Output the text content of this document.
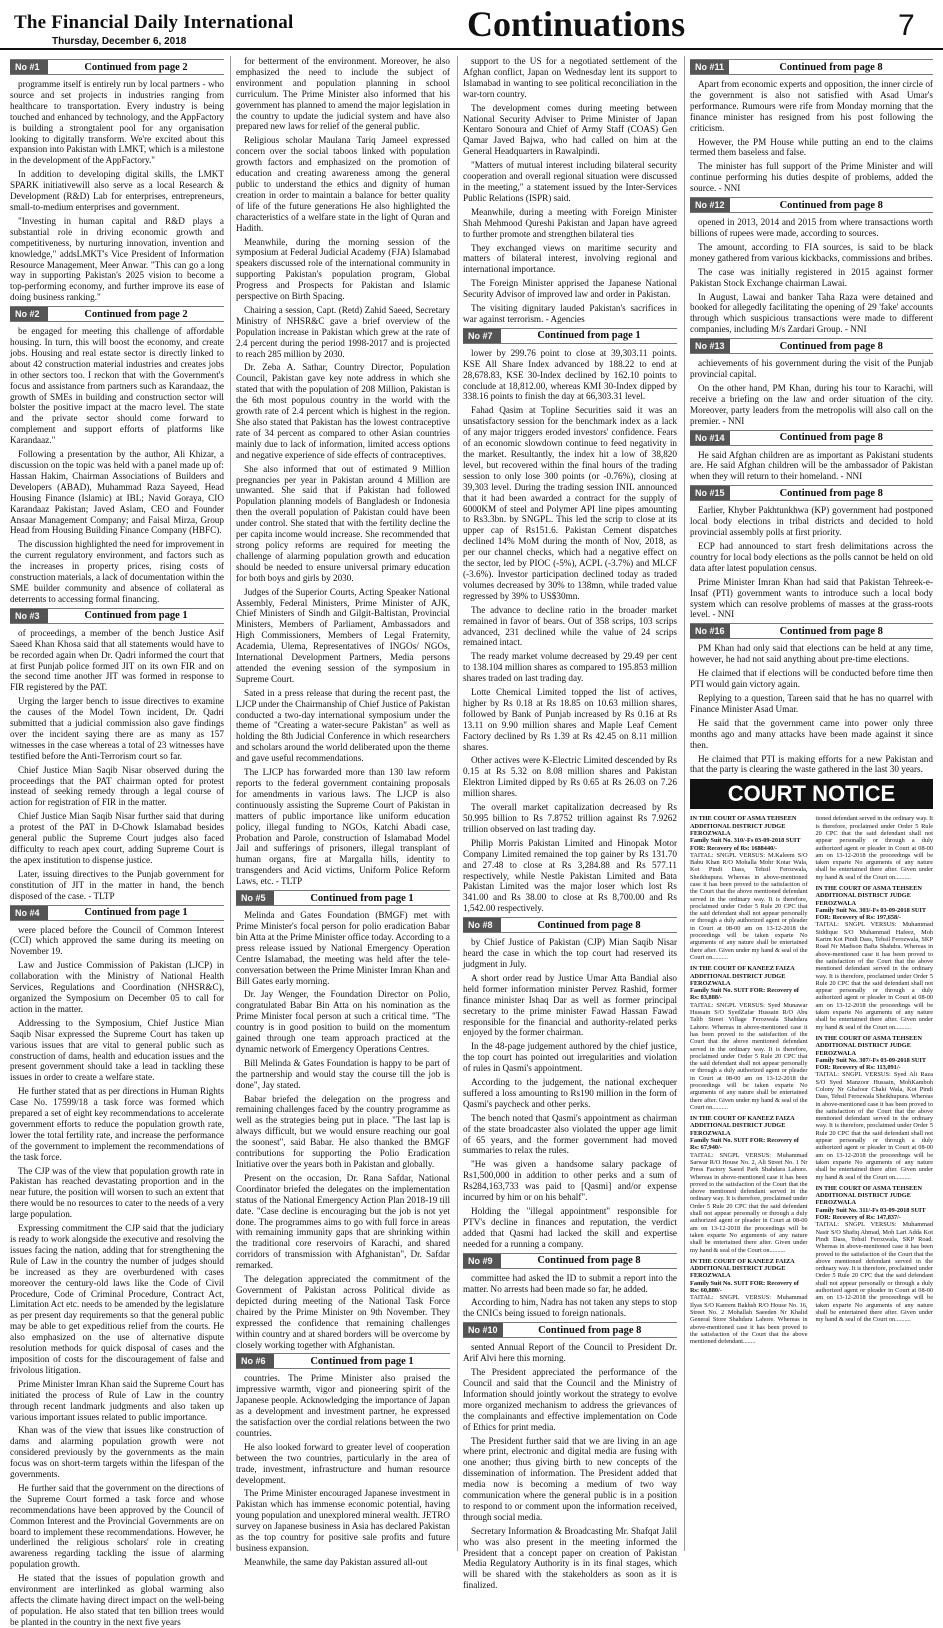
The Financial Daily International
Thursday, December 6, 2018	Continuations	7
No #1	Continued from page 2

programme itself is entirely run by local partners - who source and set projects in industries ranging from healthcare to transportation. Every industry is being touched and enhanced by technology, and the AppFactory is building a strongtalent pool for any organisation looking to digitally transform. We're excited about this expansion into Pakistan with LMKT, which is a milestone in the development of the AppFactory."

In addition to developing digital skills, the LMKT SPARK initiativewill also serve as a local Research & Development (R&D) Lab for enterprises, entrepreneurs, small-to-medium enterprises and government.

"Investing in human capital and R&D plays a substantial role in driving economic growth and competitiveness, by nurturing innovation, invention and knowledge," addsLMKT's Vice President of Information Resource Management, Meer Anwar. "This can go a long way in supporting Pakistan's 2025 vision to become a top-performing economy, and further improve its ease of doing business ranking."

No #2	Continued from page 2

be engaged for meeting this challenge of affordable housing. In turn, this will boost the economy, and create jobs. Housing and real estate sector is directly linked to about 42 construction material industries and creates jobs in other sectors too. I reckon that with the Government's focus and assistance from partners such as Karandaaz, the growth of SMEs in building and construction sector will bolster the positive impact at the macro level. The state and the private sector should come forward to complement and support efforts of platforms like Karandaaz."

Following a presentation by the author, Ali Khizar, a discussion on the topic was held with a panel made up of: Hassan Hakim, Chairman Associations of Builders and Developers (ABAD), Muhammad Raza Sayeed, Head Housing Finance (Islamic) at IBL; Navid Goraya, CIO Karandaaz Pakistan; Javed Aslam, CEO and Founder Ansaar Management Company; and Faisal Mirza, Group Head from Housing Building Finance Company (HBFC).

The discussion highlighted the need for improvement in the current regulatory environment, and factors such as the increases in property prices, rising costs of construction materials, a lack of documentation within the SME builder community and absence of collateral as deterrents to accessing formal financing.

No #3	Continued from page 1

of proceedings, a member of the bench Justice Asif Saeed Khan Khosa said that all statements would have to be recorded again when Dr. Qadri informed the court that at first Punjab police formed JIT on its own FIR and on the second time another JIT was formed in response to FIR registered by the PAT.

Urging the larger bench to issue directives to examine the causes of the Model Town incident, Dr. Qadri submitted that a judicial commission also gave findings over the incident saying there are as many as 157 witnesses in the case whereas a total of 23 witnesses have testified before the Anti-Terrorism court so far.

Chief Justice Mian Saqib Nisar observed during the proceedings that the PAT chairman opted for protest instead of seeking remedy through a legal course of action for registration of FIR in the matter.

Chief Justice Mian Saqib Nisar further said that during a protest of the PAT in D-Chowk Islamabad besides general public the Supreme Court judges also faced difficulty to reach apex court, adding Supreme Court is the apex institution to dispense justice.

Later, issuing directives to the Punjab government for constitution of JIT in the matter in hand, the bench disposed of the case. - TLTP

No #4	Continued from page 1

were placed before the Council of Common Interest (CCI) which approved the same during its meeting on November 19.

Law and Justice Commission of Pakistan (LJCP) in collaboration with the Ministry of National Health Services, Regulations and Coordination (NHSR&C), organized the Symposium on December 05 to call for action in the matter.

Addressing to the Symposium, Chief Justice Mian Saqib Nisar expressed the Supreme Court has taken up various issues that are vital to general public such as construction of dams, health and education issues and the present government should take a lead in tackling these issues in order to create a welfare state.

He further stated that as per directions in Human Rights Case No. 17599/18 a task force was formed which prepared a set of eight key recommendations to accelerate government efforts to reduce the population growth rate, lower the total fertility rate, and increase the performance of the government to implement the recommendations of the task force.

The CJP was of the view that population growth rate in Pakistan has reached devastating proportion and in the near future, the position will worsen to such an extent that there would be no resources to cater to the needs of a very large population.

Expressing commitment the CJP said that the judiciary is ready to work alongside the executive and resolving the issues facing the nation, adding that for strengthening the Rule of Law in the country the number of judges should be increased as they are overburdened with cases moreover the century-old laws like the Code of Civil Procedure, Code of Criminal Procedure, Contract Act, Limitation Act etc. needs to be amended by the legislature as per present day requirements so that the general public may be able to get expeditious relief from the courts. He also emphasized on the use of alternative dispute resolution methods for quick disposal of cases and the imposition of costs for the discouragement of false and frivolous litigation.

Prime Minister Imran Khan said the Supreme Court has initiated the process of Rule of Law in the country through recent landmark judgments and also taken up various important issues related to public importance.

Khan was of the view that issues like construction of dams and alarming population growth were not considered previously by the governments as the main focus was on short-term targets within the lifespan of the governments.

He further said that the government on the directions of the Supreme Court formed a task force and whose recommendations have been approved by the Council of Common Interest and the Provincial Governments are on board to implement these recommendations. However, he underlined the religious scholars' role in creating awareness regarding tackling the issue of alarming population growth.

He stated that the issues of population growth and environment are interlinked as global warming also affects the climate having direct impact on the well-being of population. He also stated that ten billion trees would be planted in the country in the next five years

for betterment of the environment. Moreover, he also emphasized the need to include the subject of environment and population planning in school curriculum. The Prime Minister also informed that his government has planned to amend the major legislation in the country to update the judicial system and have also prepared new laws for relief of the general public.

Religious scholar Maulana Tariq Jameel expressed concern over the social taboos linked with population growth factors and emphasized on the promotion of education and creating awareness among the general public to understand the ethics and dignity of human creation in order to maintain a balance for better quality of life of the future generations He also highlighted the characteristics of a welfare state in the light of Quran and Hadith.

Meanwhile, during the morning session of the symposium at Federal Judicial Academy (FJA) Islamabad speakers discussed role of the international community in supporting Pakistan's population program, Global Progress and Prospects for Pakistan and Islamic perspective on Birth Spacing.

Chairing a session, Capt. (Retd) Zahid Saeed, Secretary Ministry of NHSR&C gave a brief overview of the Population increase in Pakistan which grew at the rate of 2.4 percent during the period 1998-2017 and is projected to reach 285 million by 2030.

Dr. Zeba A. Sathar, Country Director, Population Council, Pakistan gave key note address in which she stated that with the population of 208 Million, Pakistan is the 6th most populous country in the world with the growth rate of 2.4 percent which is highest in the region. She also stated that Pakistan has the lowest contraceptive rate of 34 percent as compared to other Asian countries mainly due to lack of information, limited access options and negative experience of side effects of contraceptives.

She also informed that out of estimated 9 Million pregnancies per year in Pakistan around 4 Million are unwanted. She said that if Pakistan had followed Population planning models of Bangladesh or Indonesia then the overall population of Pakistan could have been under control. She stated that with the fertility decline the per capita income would increase. She recommended that strong policy reforms are required for meeting the challenge of alarming population growth and education should be needed to ensure universal primary education for both boys and girls by 2030.

Judges of the Superior Courts, Acting Speaker National Assembly, Federal Ministers, Prime Minister of AJK, Chief Ministers of Sindh and Gilgit-Baltistan, Provincial Ministers, Members of Parliament, Ambassadors and High Commissioners, Members of Legal Fraternity, Academia, Ulema, Representatives of INGOs/ NGOs, International Development Partners, Media persons attended the evening session of the symposium in Supreme Court.

Sated in a press release that during the recent past, the LJCP under the Chairmanship of Chief Justice of Pakistan conducted a two-day international symposium under the theme of "Creating a water-secure Pakistan" as well as holding the 8th Judicial Conference in which researchers and scholars around the world deliberated upon the theme and gave useful recommendations.

The LJCP has forwarded more than 130 law reform reports to the federal government containing proposals for amendments in various laws. The LJCP is also continuously assisting the Supreme Court of Pakistan in matters of public importance like uniform education policy, illegal funding to NGOs, Katchi Abadi case, Probation and Parole, construction of Islamabad Model Jail and sufferings of prisoners, illegal transplant of human organs, fire at Margalla hills, identity to transgenders and Acid victims, Uniform Police Reform Laws, etc. - TLTP

No #5	Continued from page 1

Melinda and Gates Foundation (BMGF) met with Prime Minister's focal person for polio eradication Babar bin Atta at the Prime Minister office today. According to a press release issued by National Emergency Operation Centre Islamabad, the meeting was held after the tele-conversation between the Prime Minister Imran Khan and Bill Gates early morning.

Dr. Jay Wenger, the Foundation Director on Polio, congratulated Babar Bin Atta on his nomination as the Prime Minister focal person at such a critical time. "The country is in good position to build on the momentum gained through one team approach practiced at the dynamic network of Emergency Operations Centres.

Bill Melinda & Gates Foundation is happy to be part of the partnership and would stay the course till the job is done", Jay stated.

Babar briefed the delegation on the progress and remaining challenges faced by the country programme as well as the strategies being put in place. "The last lap is always difficult, but we would ensure reaching our goal the soonest", said Babar. He also thanked the BMGF contributions for supporting the Polio Eradication Initiative over the years both in Pakistan and globally.

Present on the occasion, Dr. Rana Safdar, National Coordinator briefed the delegates on the implementation status of the National Emergency Action Plan 2018-19 till date. "Case decline is encouraging but the job is not yet done. The programmes aims to go with full force in areas with remaining immunity gaps that are shrinking within the traditional core reservoirs of Karachi, and shared corridors of transmission with Afghanistan", Dr. Safdar remarked.

The delegation appreciated the commitment of the Government of Pakistan across Political divide as depicted during meeting of the National Task Force chaired by the Prime Minister on 9th November. They expressed the confidence that remaining challenges within country and at shared borders will be overcome by closely working together with Afghanistan.

No #6	Continued from page 1

countries. The Prime Minister also praised the impressive warmth, vigor and pioneering spirit of the Japanese people. Acknowledging the importance of Japan as a development and investment partner, he expressed the satisfaction over the cordial relations between the two countries.

He also looked forward to greater level of cooperation between the two countries, particularly in the area of trade, investment, infrastructure and human resource development.

The Prime Minister encouraged Japanese investment in Pakistan which has immense economic potential, having young population and unexplored mineral wealth. JETRO survey on Japanese business in Asia has declared Pakistan as the top country for positive sale profits and future business expansion.

Meanwhile, the same day Pakistan assured all-out

support to the US for a negotiated settlement of the Afghan conflict, Japan on Wednesday lent its support to Islamabad in wanting to see political reconciliation in the war-torn country.

The development comes during meeting between National Security Adviser to Prime Minister of Japan Kentaro Sonoura and Chief of Army Staff (COAS) Gen Qamar Javed Bajwa, who had called on him at the General Headquarters in Rawalpindi.

"Matters of mutual interest including bilateral security cooperation and overall regional situation were discussed in the meeting," a statement issued by the Inter-Services Public Relations (ISPR) said.

Meanwhile, during a meeting with Foreign Minister Shah Mehmood Qureshi Pakistan and Japan have agreed to further promote and strengthen bilateral ties

They exchanged views on maritime security and matters of bilateral interest, involving regional and international importance.

The Foreign Minister apprised the Japanese National Security Advisor of improved law and order in Pakistan.

The visiting dignitary lauded Pakistan's sacrifices in war against terrorism. - Agencies

No #7	Continued from page 1

lower by 299.76 point to close at 39,303.11 points. KSE All Share Index advanced by 188.22 to end at 28,678.83, KSE 30-Index declined by 162.10 points to conclude at 18,812.00, whereas KMI 30-Index dipped by 338.16 points to finish the day at 66,303.31 level.

Fahad Qasim at Topline Securities said it was an unsatisfactory session for the benchmark index as a lack of any major triggers eroded investors' confidence. Fears of an economic slowdown continue to feed negativity in the market. Resultantly, the index hit a low of 38,820 level, but recovered within the final hours of the trading session to only lose 300 points (or -0.76%), closing at 39,303 level. During the trading session INIL announced that it had been awarded a contract for the supply of 6000KM of steel and Polymer API line pipes amounting to Rs3.3bn. by SNGPL. This led the scrip to close at its upper cap of Rs151.6. Pakistan Cement dispatches declined 14% MoM during the month of Nov, 2018, as per our channel checks, which had a negative effect on the sector, led by PIOC (-5%), ACPL (-3.7%) and MLCF (-3.6%). Investor participation declined today as traded volumes decreased by 30% to 138mn, while traded value regressed by 39% to US$30mn.

The advance to decline ratio in the broader market remained in favor of bears. Out of 358 scrips, 103 scrips advanced, 231 declined while the value of 24 scrips remained intact.

The ready market volume decreased by 29.49 per cent to 138.104 million shares as compared to 195.853 million shares traded on last trading day.

Lotte Chemical Limited topped the list of actives, higher by Rs 0.18 at Rs 18.85 on 10.63 million shares, followed by Bank of Punjab increased by Rs 0.16 at Rs 13.11 on 9.90 million shares and Maple Leaf Cement Factory declined by Rs 1.39 at Rs 42.45 on 8.11 million shares.

Other actives were K-Electric Limited descended by Rs 0.15 at Rs 5.32 on 8.08 million shares and Pakistan Elektron Limited dipped by Rs 0.65 at Rs 26.03 on 7.26 million shares.

The overall market capitalization decreased by Rs 50.995 billion to Rs 7.8752 trillion against Rs 7.9262 trillion observed on last trading day.

Philip Morris Pakistan Limited and Hinopak Motor Company Limited remained the top gainer by Rs 131.70 and 27.48 to close at Rs 3,284.88 and Rs 577.11 respectively, while Nestle Pakistan Limited and Bata Pakistan Limited was the major loser which lost Rs 341.00 and Rs 38.00 to close at Rs 8,700.00 and Rs 1,542.00 respectively.

No #8	Continued from page 8

by Chief Justice of Pakistan (CJP) Mian Saqib Nisar heard the case in which the top court had reserved its judgment in July.

A short order read by Justice Umar Atta Bandial also held former information minister Pervez Rashid, former finance minister Ishaq Dar as well as former principal secretary to the prime minister Fawad Hassan Fawad responsible for the financial and authority-related perks enjoyed by the former chairman.

In the 48-page judgement authored by the chief justice, the top court has pointed out irregularities and violation of rules in Qasmi's appointment.

According to the judgement, the national exchequer suffered a loss amounting to Rs190 million in the form of Qasmi's paycheck and other perks.

The bench noted that Qasmi's appointment as chairman of the state broadcaster also violated the upper age limit of 65 years, and the former government had moved summaries to relax the rules.

"He was given a handsome salary package of Rs1,500,000 in addition to other perks and a sum of Rs284,163,733 was paid to [Qasmi] and/or expense incurred by him or on his behalf".

Holding the "illegal appointment" responsible for PTV's decline in finances and reputation, the verdict added that Qasmi had lacked the skill and expertise needed for a running a company.

No #9	Continued from page 8

committee had asked the ID to submit a report into the matter. No arrests had been made so far, he added.

According to him, Nadra has not taken any steps to stop the CNICs being issued to foreign nationals.

No #10	Continued from page 8

sented Annual Report of the Council to President Dr. Arif Alvi here this morning.

The President appreciated the performance of the Council and said that the Council and the Ministry of Information should jointly workout the strategy to evolve more organized mechanism to address the grievances of the complainants and effective implementation on Code of Ethics for print media.

The President further said that we are living in an age where print, electronic and digital media are fusing with one another; thus giving birth to new concepts of the dissemination of information. The President added that media now is becoming a medium of two way communication where the general public is in a position to respond to or comment upon the information received, through social media.

Secretary Information & Broadcasting Mr. Shafqat Jalil who was also present in the meeting informed the President that a concept paper on creation of Pakistan Media Regulatory Authority is in its final stages, which will be shared with the stakeholders as soon as it is finalized.

No #11	Continued from page 8

Apart from economic experts and opposition, the inner circle of the government is also not satisfied with Asad Umar's performance. Rumours were rife from Monday morning that the finance minister has resigned from his post following the criticism.

However, the PM House while putting an end to the claims termed them baseless and false.

The minister has full support of the Prime Minister and will continue performing his duties despite of problems, added the source. - NNI

No #12	Continued from page 8

opened in 2013, 2014 and 2015 from where transactions worth billions of rupees were made, according to sources.

The amount, according to FIA sources, is said to be black money gathered from various kickbacks, commissions and bribes.

The case was initially registered in 2015 against former Pakistan Stock Exchange chairman Lawai.

In August, Lawai and banker Taha Raza were detained and booked for allegedly facilitating the opening of 29 'fake' accounts through which suspicious transactions were made to different companies, including M/s Zardari Group. - NNI

No #13	Continued from page 8

achievements of his government during the visit of the Punjab provincial capital.

On the other hand, PM Khan, during his tour to Karachi, will receive a briefing on the law and order situation of the city. Moreover, party leaders from the metropolis will also call on the premier. - NNI

No #14	Continued from page 8

He said Afghan children are as important as Pakistani students are. He said Afghan children will be the ambassador of Pakistan when they will return to their homeland. - NNI

No #15	Continued from page 8

Earlier, Khyber Pakhtunkhwa (KP) government had postponed local body elections in tribal districts and decided to hold provincial assembly polls at first priority.

ECP had announced to start fresh delimitations across the country for local body elections as the polls cannot be held on old data after latest population census.

Prime Minister Imran Khan had said that Pakistan Tehreek-e-Insaf (PTI) government wants to introduce such a local body system which can resolve problems of masses at the grass-roots level. - NNI

No #16	Continued from page 8

PM Khan had only said that elections can be held at any time, however, he had not said anything about pre-time elections.

He claimed that if elections will be conducted before time then PTI would gain victory again.

Replying to a question, Tareen said that he has no quarrel with Finance Minister Asad Umar.

He said that the government came into power only three months ago and many attacks have been made against it since then.

He claimed that PTI is making efforts for a new Pakistan and that the party is clearing the waste gathered in the last 30 years.

COURT NOTICE
IN THE COURT OF ASMA TEHSEEN ADDITIONAL DISTRICT JUDGE FEROZWALA
Family Suit No. 310/-Fs 03-09-2018 SUIT FOR: Recovery of Rs: 1688440/-
TAITAL: SNGPL VERSUS: M.Kaleem S/O Babu Khan R/O Mohalla Mohr Kotar Wala, Kot Pindi Dass, Tehsil Ferozwala, Sheikhupura. Whereas in above-mentioned case it has been proved to the satisfaction of the Court that the above mentioned defendant served in the ordinary way. It is therefore, proclaimed under Order 5 Rule 20 CPC that the said defendant shall not appear personally or through a duly authorized agent or pleader in Court at 08-00 am on 13-12-2018 the proceedings will be taken exparte No arguments of any nature shall be entertained there after. Given under my hand & seal of the Court on..........
IN THE COURT OF KANEEZ FAIZA ADDITIONAL DISTRICT JUDGE FEROZWALA
Family Suit No. SUIT FOR: Recovery of Rs: 83,888/-
TAITAL: SNGPL VERSUS: Syed Munawar Hussain S/O SyedZafar Hussain R/O Abu Talib Street Village Ferozwala Shahdara Lahore. Whereas in above-mentioned case it has been proved to the satisfaction of the Court that the above mentioned defendant served in the ordinary way. It is therefore, proclaimed under Order 5 Rule 20 CPC that the said defendant shall not appear personally or through a duly authorized agent or pleader in Court at 08-00 am on 13-12-2018 the proceedings will be taken exparte No arguments of any nature shall be entertained there after. Given under my hand & seal of the Court on..........
IN THE COURT OF KANEEZ FAIZA ADDITIONAL DISTRICT JUDGE FEROZWALA
Family Suit No. SUIT FOR: Recovery of Rs: 67,940/-
TAITAL: SNGPL VERSUS: Muhammad Sarwar R/O House No. 2, Ali Street No. 1 Nr Press Factory Saeed Park Shahdara Lahore. Whereas in above-mentioned case it has been proved to the satisfaction of the Court that the above mentioned defendant served in the ordinary way. It is therefore, proclaimed under Order 5 Rule 20 CPC that the said defendant shall not appear personally or through a duly authorized agent or pleader in Court at 08-00 am on 13-12-2018 the proceedings will be taken exparte No arguments of any nature shall be entertained there after. Given under my hand & seal of the Court on..........
IN THE COURT OF KANEEZ FAIZA ADDITIONAL DISTRICT JUDGE FEROZWALA
Family Suit No. SUIT FOR: Recovery of Rs: 60,880/-
TAITAL: SNGPL VERSUS: Muhammad Ilyas S/O Kareem Bakhsh R/O House No. 16, Street No. 2 Mohallah Saeeden Nr Khalid General Store Shahdara Lahore. Whereas in above-mentioned case it has been proved to the satisfaction of the Court that the above mentioned defendant........
tioned defendant served in the ordinary way. It is therefore, proclaimed under Order 5 Rule 20 CPC that the said defendant shall not appear personally or through a duly authorized agent or pleader in Court at 08-00 am on 13-12-2018 the proceedings will be taken exparte No arguments of any nature shall be entertained there after. Given under my hand & seal of the Court on..........
IN THE COURT OF ASMA TEHSEEN ADDITIONAL DISTRICT JUDGE FEROZWALA
Family Suit No. 303/-Fs 03-09-2018 SUIT FOR: Recovery of Rs: 197,658/-
TAITAL: SNGPL VERSUS: Muhammad Siddique S/O Muhammad Hafeez, Moh Karim Kot Pindi Dass, Tehsil Ferozwala, SKP Road Nr Madison Bafta Shahdra. Whereas in above-mentioned case it has been proved to the satisfaction of the Court that the above mentioned defendant served in the ordinary way. It is therefore, proclaimed under Order 5 Rule 20 CPC that the said defendant shall not appear personally or through a duly authorized agent or pleader in Court at 08-00 am on 13-12-2018 the proceedings will be taken exparte No arguments of any nature shall be entertained there after. Given under my hand & seal of the Court on..........
IN THE COURT OF ASMA TEHSEEN ADDITIONAL DISTRICT JUDGE FEROZWALA
Family Suit No. 307/-Fs 03-09-2018 SUIT FOR: Recovery of Rs: 113,091/-
TAITAL: SNGPL VERSUS: Syed Ali Raza S/O Syed Manzoor Hussain, MohKamboh Colony Nr Ghafoor Chaki Wala, Kot Pindi Dass, Tehsil Ferozwala Sheikhupura. Whereas in above-mentioned case it has been proved to the satisfaction of the Court that the above mentioned defendant served in the ordinary way. It is therefore, proclaimed under Order 5 Rule 20 CPC that the said defendant shall not appear personally or through a duly authorized agent or pleader in Court at 08-00 am on 13-12-2018 the proceedings will be taken exparte No arguments of any nature shall be entertained there after. Given under my hand & seal of the Court on..........
IN THE COURT OF ASMA TEHSEEN ADDITIONAL DISTRICT JUDGE FEROZWALA
Family Suit No. 311/-Fs 03-09-2018 SUIT FOR: Recovery of Rs: 147,837/-
TAITAL: SNGPL VERSUS: Muhammad Nasir S/O Shafiq Ahmad, Moh Lari Adda Kot Pindi Dass, Tehsil Ferozwala, SKP Road. Whereas in above-mentioned case it has been proved to the satisfaction of the Court that the above mentioned defendant served in the ordinary way. It is therefore, proclaimed under Order 5 Rule 20 CPC that the said defendant shall not appear personally or through a duly authorized agent or pleader in Court at 08-00 am on 13-12-2018 the proceedings will be taken exparte No arguments of any nature shall be entertained there after. Given under my hand & seal of the Court on..........
